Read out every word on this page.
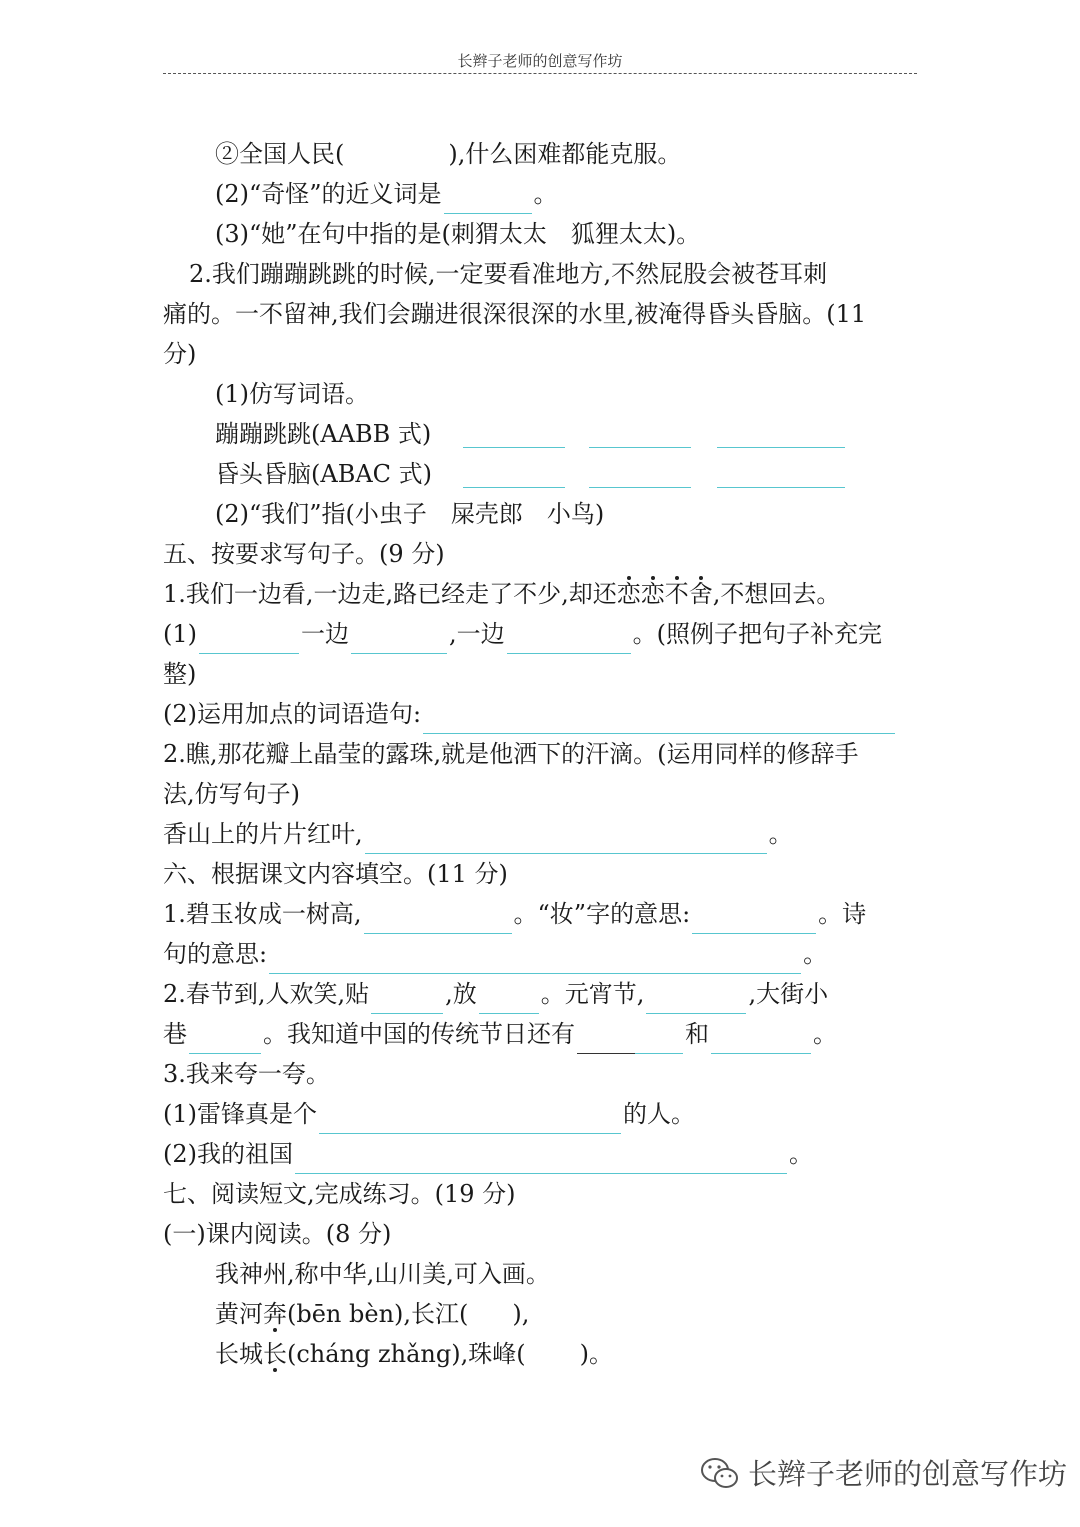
长辫子老师的创意写作坊
②全国人民(	),什么困难都能克服。
(2)“奇怪”的近义词是	。
(3)“她”在句中指的是(刺猬太太　狐狸太太)。
2.我们蹦蹦跳跳的时候,一定要看准地方,不然屁股会被苍耳刺
痛的。一不留神,我们会蹦进很深很深的水里,被淹得昏头昏脑。(11
分)
(1)仿写词语。
蹦蹦跳跳(AABB 式)
昏头昏脑(ABAC 式)
(2)“我们”指(小虫子　屎壳郎　小鸟)
五、按要求写句子。(9 分)
1.我们一边看,一边走,路已经走了不少,却还恋恋不舍
,不想回去。
(1)	一边	,一边	。(照例子把句子补充完
整)
(2)运用加点的词语造句:
2.瞧,那花瓣上晶莹的露珠,就是他洒下的汗滴。(运用同样的修辞手
法,仿写句子)
香山上的片片红叶,	。
六、根据课文内容填空。(11 分)
1.碧玉妆成一树高,	。“妆”字的意思:	。诗
句的意思:	。
2.春节到,人欢笑,贴	,放	。元宵节,	,大街小
巷	。我知道中国的传统节日还有	和	。
3.我来夸一夸。
(1)雷锋真是个	的人。
(2)我的祖国	。
七、阅读短文,完成练习。(19 分)
(一)课内阅读。(8 分)
我神州,称中华,山川美,可入画。
黄河奔(bēn bèn),长江( ),
长城长(cháng zhǎng),珠峰( )。
长辫子老师的创意写作坊
